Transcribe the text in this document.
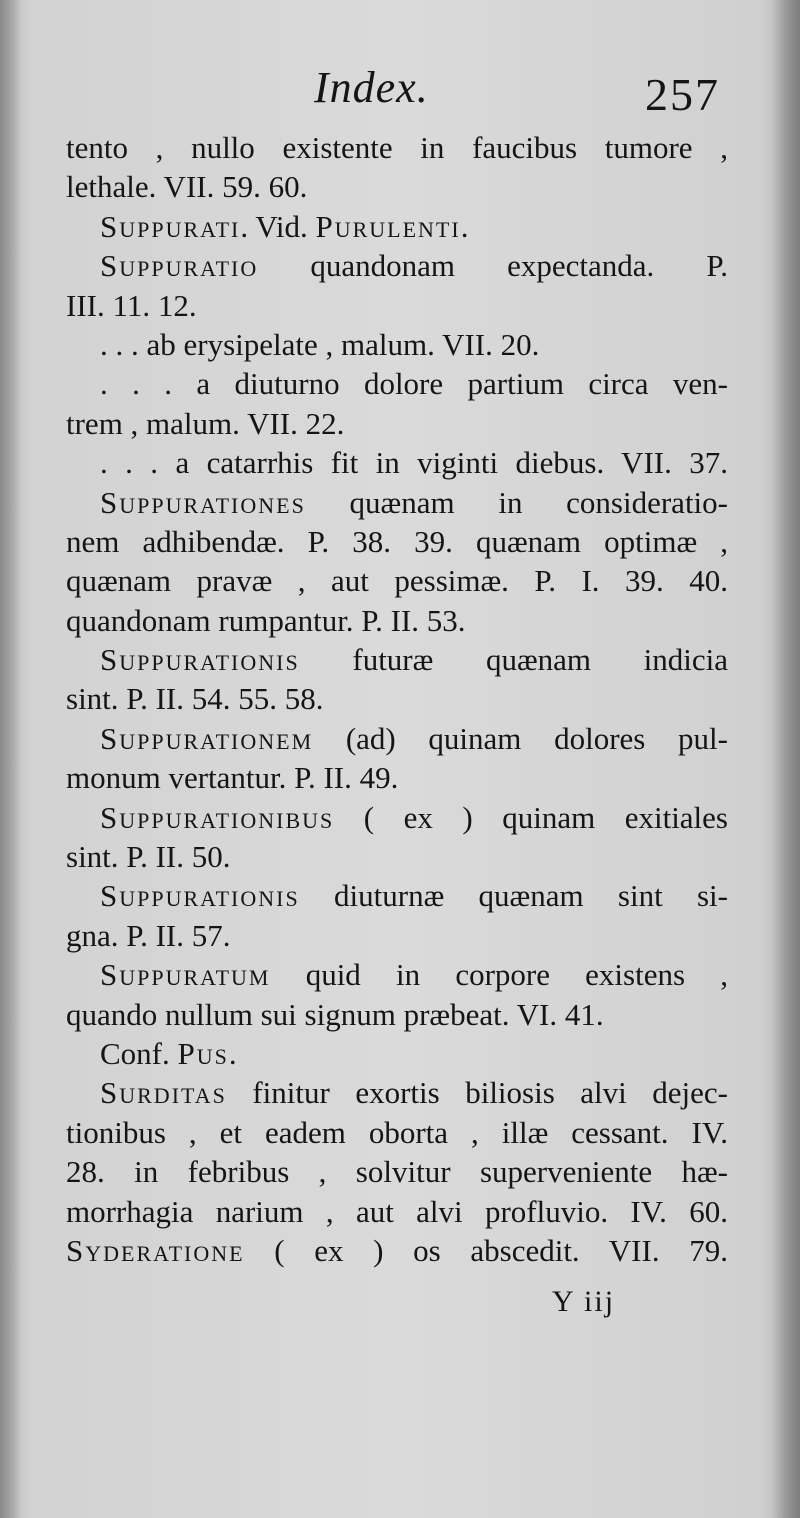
Index.	257
tento , nullo existente in faucibus tumore ,
lethale. VII. 59. 60.
Suppurati. Vid. Purulenti.
Suppuratio quandonam expectanda. P.
III. 11. 12.
. . . ab erysipelate , malum. VII. 20.
. . . a diuturno dolore partium circa ven-
trem , malum. VII. 22.
. . . a catarrhis fit in viginti diebus. VII. 37.
Suppurationes quænam in consideratio-
nem adhibendæ. P. 38. 39. quænam optimæ ,
quænam pravæ , aut pessimæ. P. I. 39. 40.
quandonam rumpantur. P. II. 53.
Suppurationis futuræ quænam indicia
sint. P. II. 54. 55. 58.
Suppurationem (ad) quinam dolores pul-
monum vertantur. P. II. 49.
Suppurationibus ( ex ) quinam exitiales
sint. P. II. 50.
Suppurationis diuturnæ quænam sint si-
gna. P. II. 57.
Suppuratum quid in corpore existens ,
quando nullum sui signum præbeat. VI. 41.
Conf. Pus.
Surditas finitur exortis biliosis alvi dejec-
tionibus , et eadem oborta , illæ cessant. IV.
28. in febribus , solvitur superveniente hæ-
morrhagia narium , aut alvi profluvio. IV. 60.
Syderatione ( ex ) os abscedit. VII. 79.
Y iij
